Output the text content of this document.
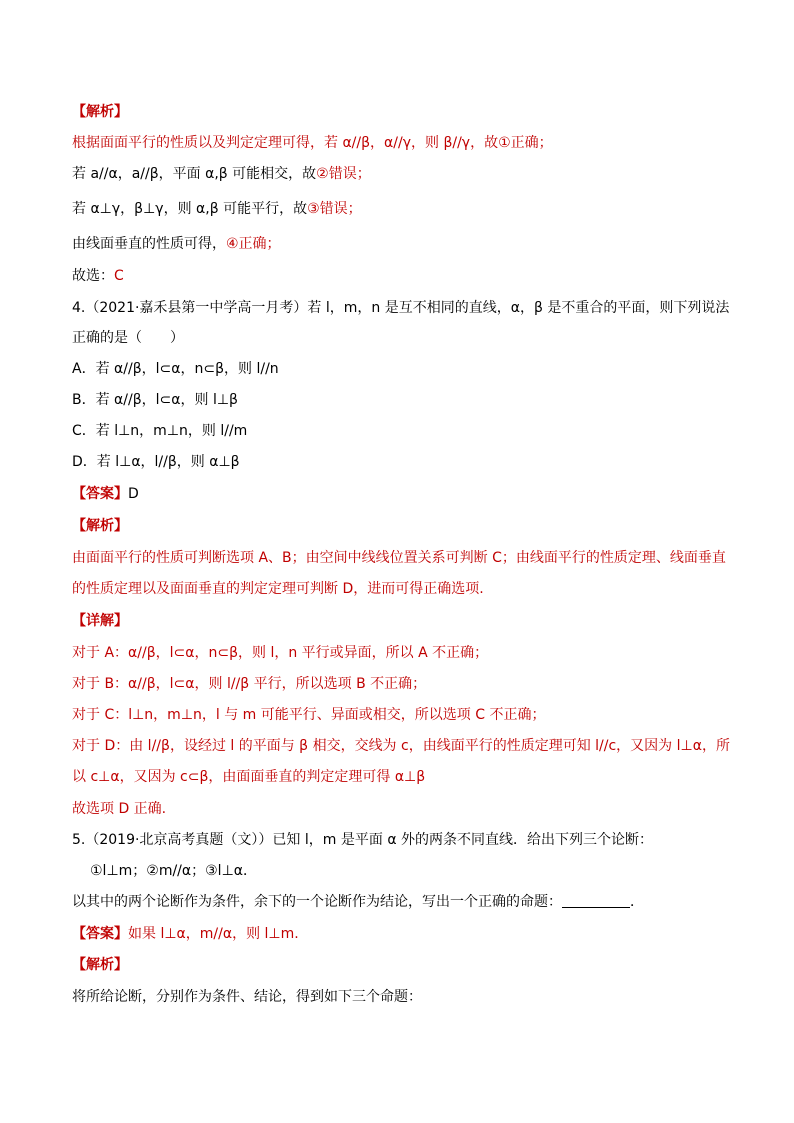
【解析】
根据面面平行的性质以及判定定理可得，若 α//β，α//γ，则 β//γ，故①正确；
若 a//α，a//β，平面 α,β 可能相交，故②错误；
若 α⊥γ，β⊥γ，则 α,β 可能平行，故③错误；
由线面垂直的性质可得，④正确；
故选：C
4.（2021·嘉禾县第一中学高一月考）若 l，m，n 是互不相同的直线，α，β 是不重合的平面，则下列说法
正确的是（　　）
A．若 α//β，l⊂α，n⊂β，则 l//n
B．若 α//β，l⊂α，则 l⊥β
C．若 l⊥n，m⊥n，则 l//m
D．若 l⊥α，l//β，则 α⊥β
【答案】D
【解析】
由面面平行的性质可判断选项 A、B；由空间中线线位置关系可判断 C；由线面平行的性质定理、线面垂直
的性质定理以及面面垂直的判定定理可判断 D，进而可得正确选项.
【详解】
对于 A：α//β，l⊂α，n⊂β，则 l，n 平行或异面，所以 A 不正确；
对于 B：α//β，l⊂α，则 l//β 平行，所以选项 B 不正确；
对于 C：l⊥n，m⊥n，l 与 m 可能平行、异面或相交，所以选项 C 不正确；
对于 D：由 l//β，设经过 l 的平面与 β 相交，交线为 c，由线面平行的性质定理可知 l//c，又因为 l⊥α，所
以 c⊥α，又因为 c⊂β，由面面垂直的判定定理可得 α⊥β
故选项 D 正确.
5.（2019·北京高考真题（文））已知 l，m 是平面 α 外的两条不同直线．给出下列三个论断：
①l⊥m；②m//α；③l⊥α．
以其中的两个论断作为条件，余下的一个论断作为结论，写出一个正确的命题：	．
【答案】如果 l⊥α，m//α，则 l⊥m.
【解析】
将所给论断，分别作为条件、结论，得到如下三个命题：
